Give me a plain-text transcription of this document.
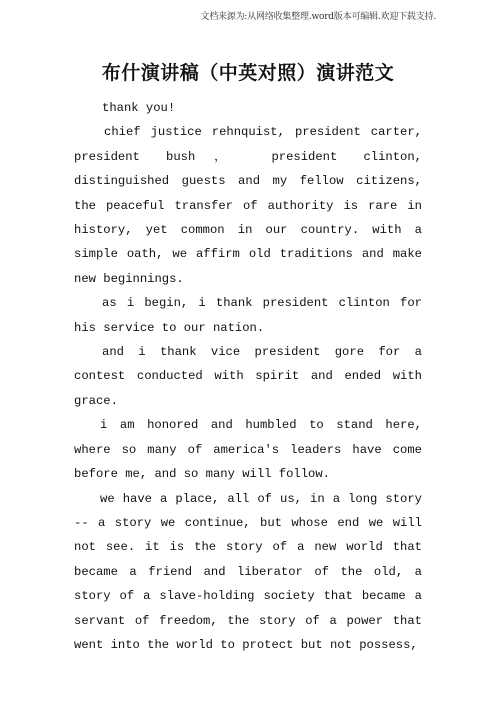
文档来源为:从网络收集整理.word版本可编辑.欢迎下载支持.
布什演讲稿（中英对照）演讲范文

thank you!

chief justice rehnquist, president carter, president bush， president clinton, distinguished guests and my fellow citizens, the peaceful transfer of authority is rare in history, yet common in our country. with a simple oath, we affirm old traditions and make new beginnings.

as i begin, i thank president clinton for his service to our nation.

and i thank vice president gore for a contest conducted with spirit and ended with grace.

i am honored and humbled to stand here, where so many of america's leaders have come before me, and so many will follow.

we have a place, all of us, in a long story -- a story we continue, but whose end we will not see. it is the story of a new world that became a friend and liberator of the old, a story of a slave-holding society that became a servant of freedom, the story of a power that went into the world to protect but not possess,
